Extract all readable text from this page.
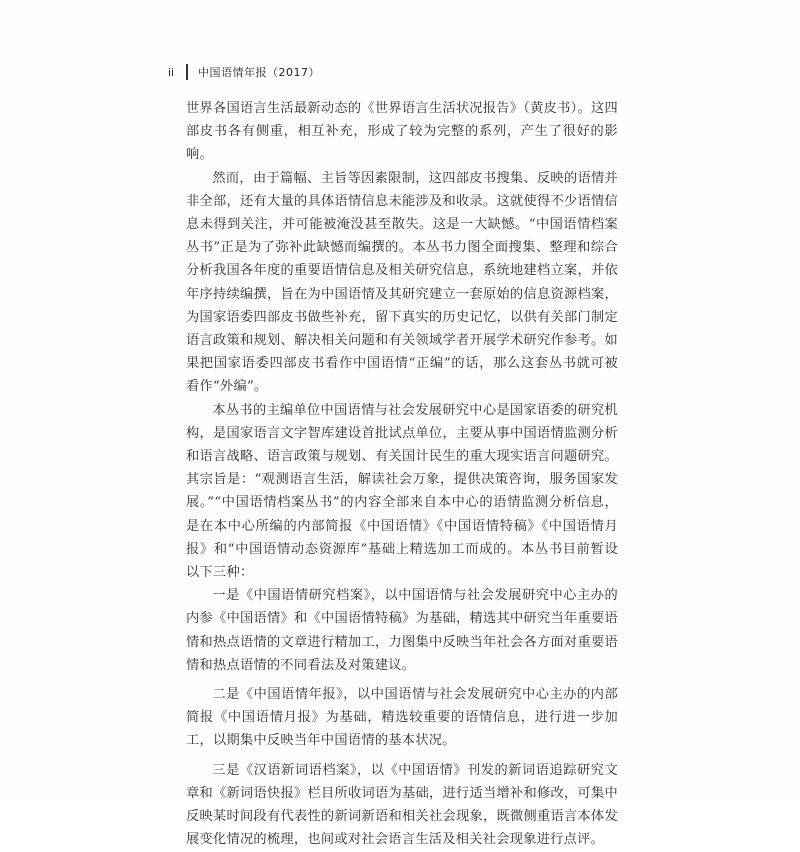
ii	中国语情年报（2017）

世界各国语言生活最新动态的《世界语言生活状况报告》（黄皮书）。这四部皮书各有侧重，相互补充，形成了较为完整的系列，产生了很好的影响。

然而，由于篇幅、主旨等因素限制，这四部皮书搜集、反映的语情并非全部，还有大量的具体语情信息未能涉及和收录。这就使得不少语情信息未得到关注，并可能被淹没甚至散失。这是一大缺憾。“中国语情档案丛书”正是为了弥补此缺憾而编撰的。本丛书力图全面搜集、整理和综合分析我国各年度的重要语情信息及相关研究信息，系统地建档立案，并依年序持续编撰，旨在为中国语情及其研究建立一套原始的信息资源档案，为国家语委四部皮书做些补充，留下真实的历史记忆，以供有关部门制定语言政策和规划、解决相关问题和有关领域学者开展学术研究作参考。如果把国家语委四部皮书看作中国语情“正编”的话，那么这套丛书就可被看作“外编”。

本丛书的主编单位中国语情与社会发展研究中心是国家语委的研究机构，是国家语言文字智库建设首批试点单位，主要从事中国语情监测分析和语言战略、语言政策与规划、有关国计民生的重大现实语言问题研究。其宗旨是：“观测语言生活，解读社会万象，提供决策咨询，服务国家发展。”“中国语情档案丛书”的内容全部来自本中心的语情监测分析信息，是在本中心所编的内部简报《中国语情》《中国语情特稿》《中国语情月报》和“中国语情动态资源库”基础上精选加工而成的。本丛书目前暂设以下三种：

一是《中国语情研究档案》，以中国语情与社会发展研究中心主办的内参《中国语情》和《中国语情特稿》为基础，精选其中研究当年重要语情和热点语情的文章进行精加工，力图集中反映当年社会各方面对重要语情和热点语情的不同看法及对策建议。

二是《中国语情年报》，以中国语情与社会发展研究中心主办的内部简报《中国语情月报》为基础，精选较重要的语情信息，进行进一步加工，以期集中反映当年中国语情的基本状况。

三是《汉语新词语档案》，以《中国语情》刊发的新词语追踪研究文章和《新词语快报》栏目所收词语为基础，进行适当增补和修改，可集中反映某时间段有代表性的新词新语和相关社会现象，既微侧重语言本体发展变化情况的梳理，也间或对社会语言生活及相关社会现象进行点评。
